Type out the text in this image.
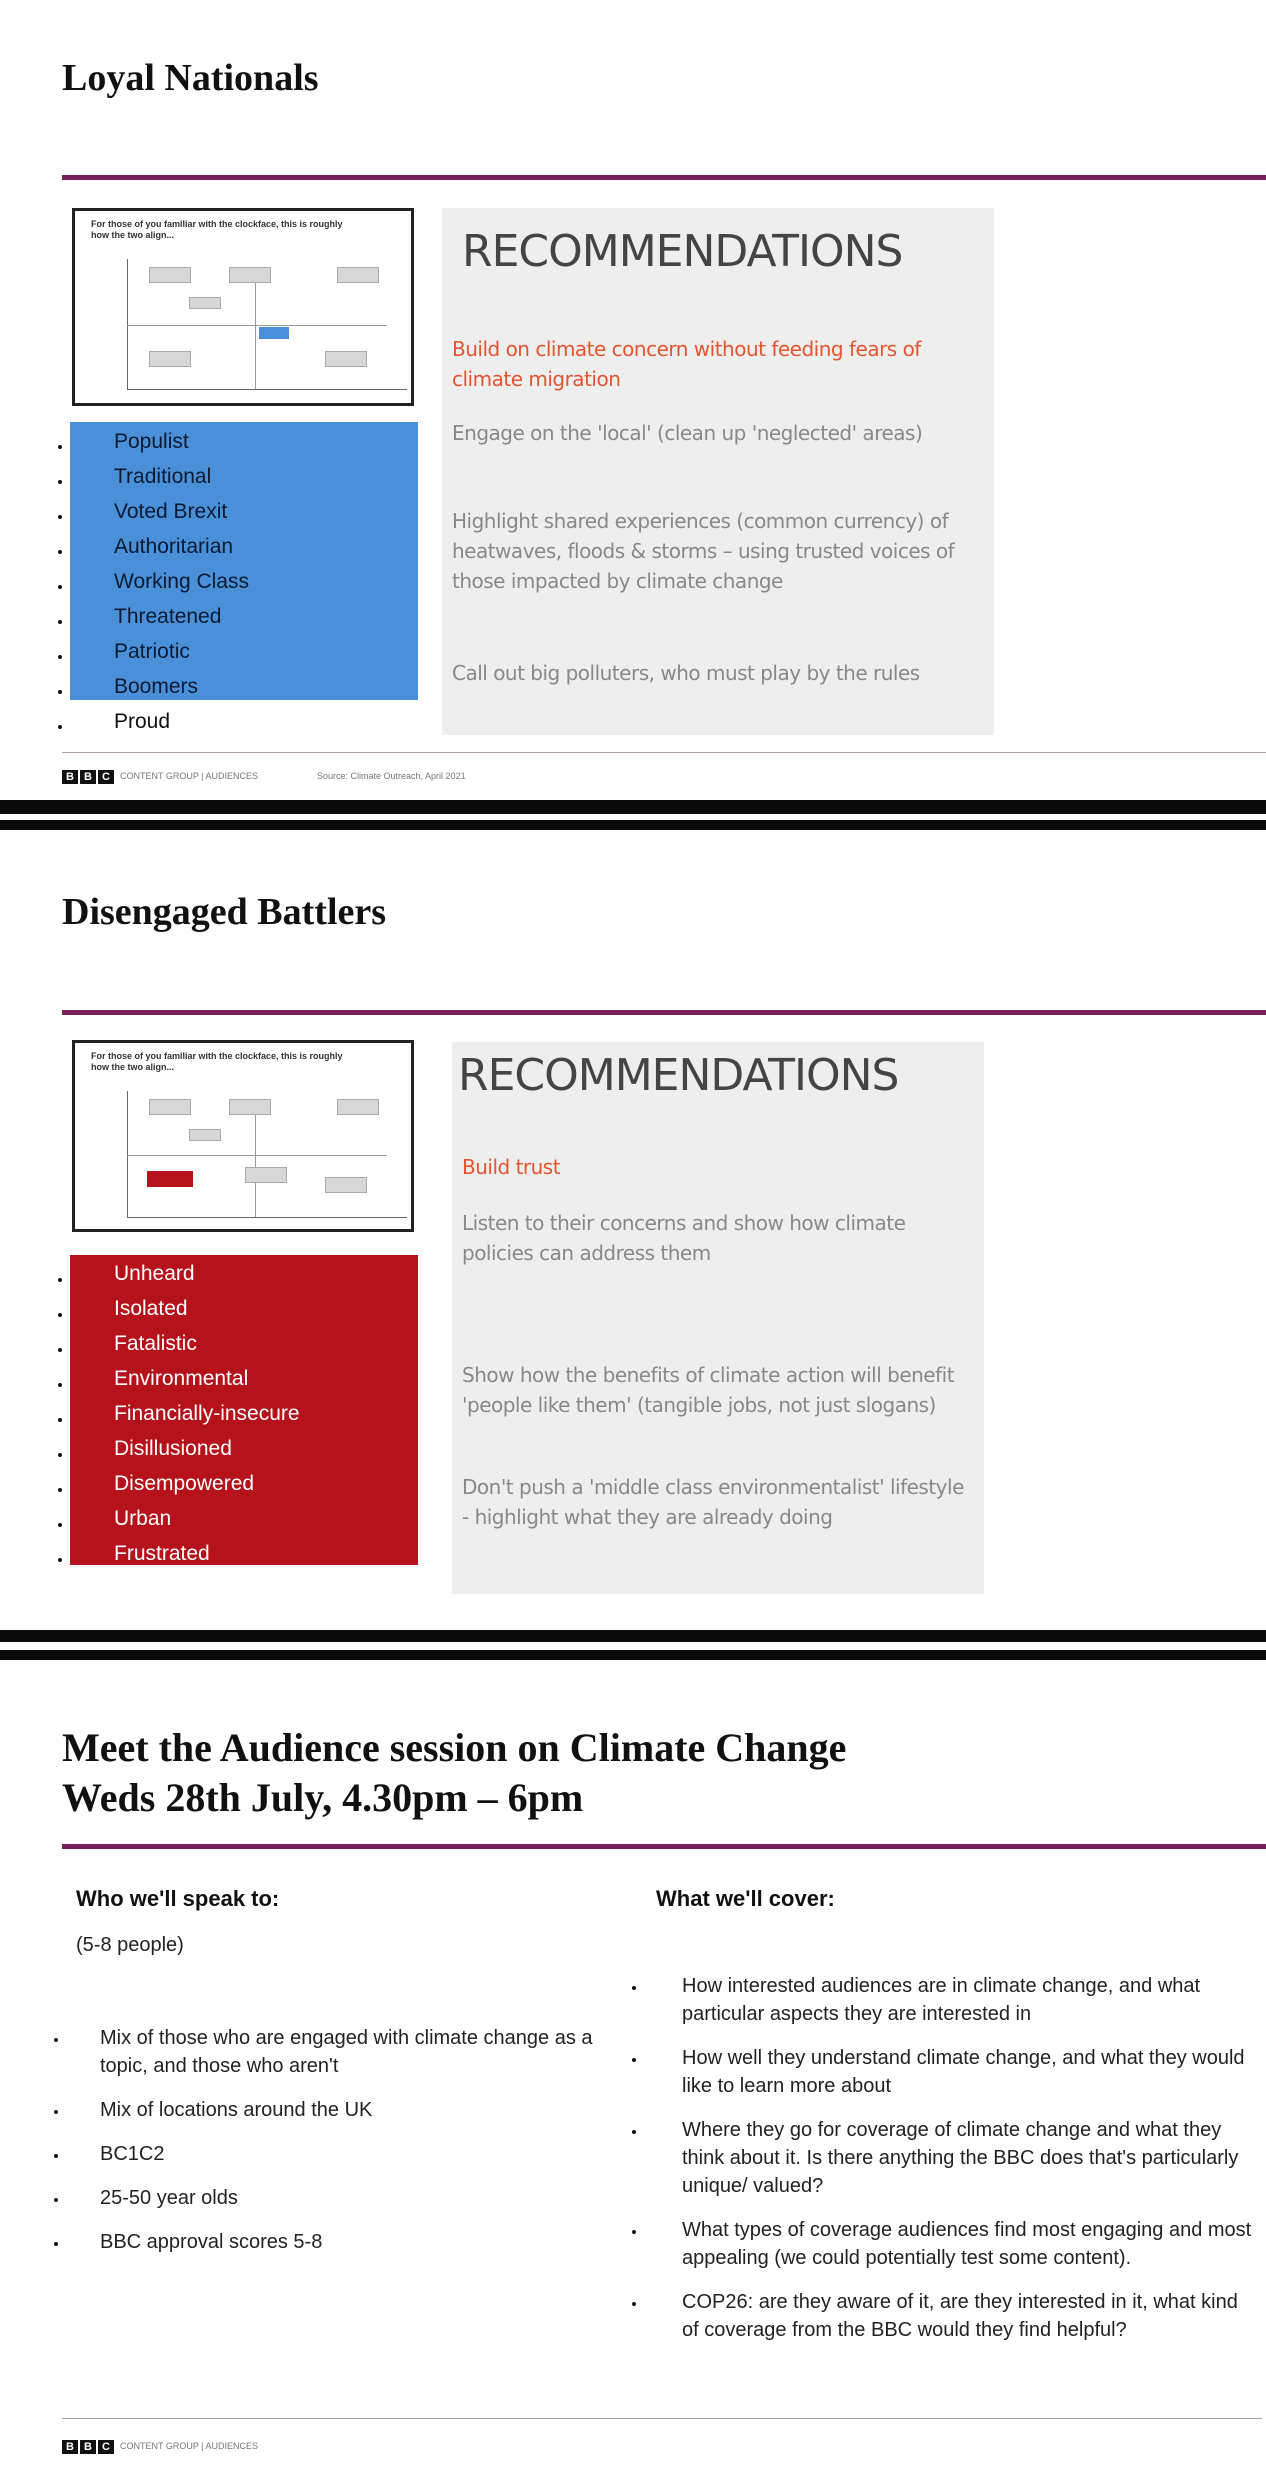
Loyal Nationals
For those of you familiar with the clockface, this is roughly how the two align...
Populist
Traditional
Voted Brexit
Authoritarian
Working Class
Threatened
Patriotic
Boomers
Proud
RECOMMENDATIONS
Build on climate concern without feeding fears of climate migration
Engage on the 'local' (clean up 'neglected' areas)
Highlight shared experiences (common currency) of heatwaves, floods & storms – using trusted voices of those impacted by climate change
Call out big polluters, who must play by the rules
B B C	CONTENT GROUP | AUDIENCES	Source: Climate Outreach, April 2021
Disengaged Battlers
For those of you familiar with the clockface, this is roughly how the two align...
Unheard
Isolated
Fatalistic
Environmental
Financially-insecure
Disillusioned
Disempowered
Urban
Frustrated
RECOMMENDATIONS
Build trust
Listen to their concerns and show how climate policies can address them
Show how the benefits of climate action will benefit 'people like them' (tangible jobs, not just slogans)
Don't push a 'middle class environmentalist' lifestyle - highlight what they are already doing
Meet the Audience session on Climate Change
Weds 28th July, 4.30pm – 6pm
Who we'll speak to:
(5-8 people)
Mix of those who are engaged with climate change as a topic, and those who aren't
Mix of locations around the UK
BC1C2
25-50 year olds
BBC approval scores 5-8
What we'll cover:
How interested audiences are in climate change, and what particular aspects they are interested in
How well they understand climate change, and what they would like to learn more about
Where they go for coverage of climate change and what they think about it. Is there anything the BBC does that's particularly unique/ valued?
What types of coverage audiences find most engaging and most appealing (we could potentially test some content).
COP26: are they aware of it, are they interested in it, what kind of coverage from the BBC would they find helpful?
B B C	CONTENT GROUP | AUDIENCES
